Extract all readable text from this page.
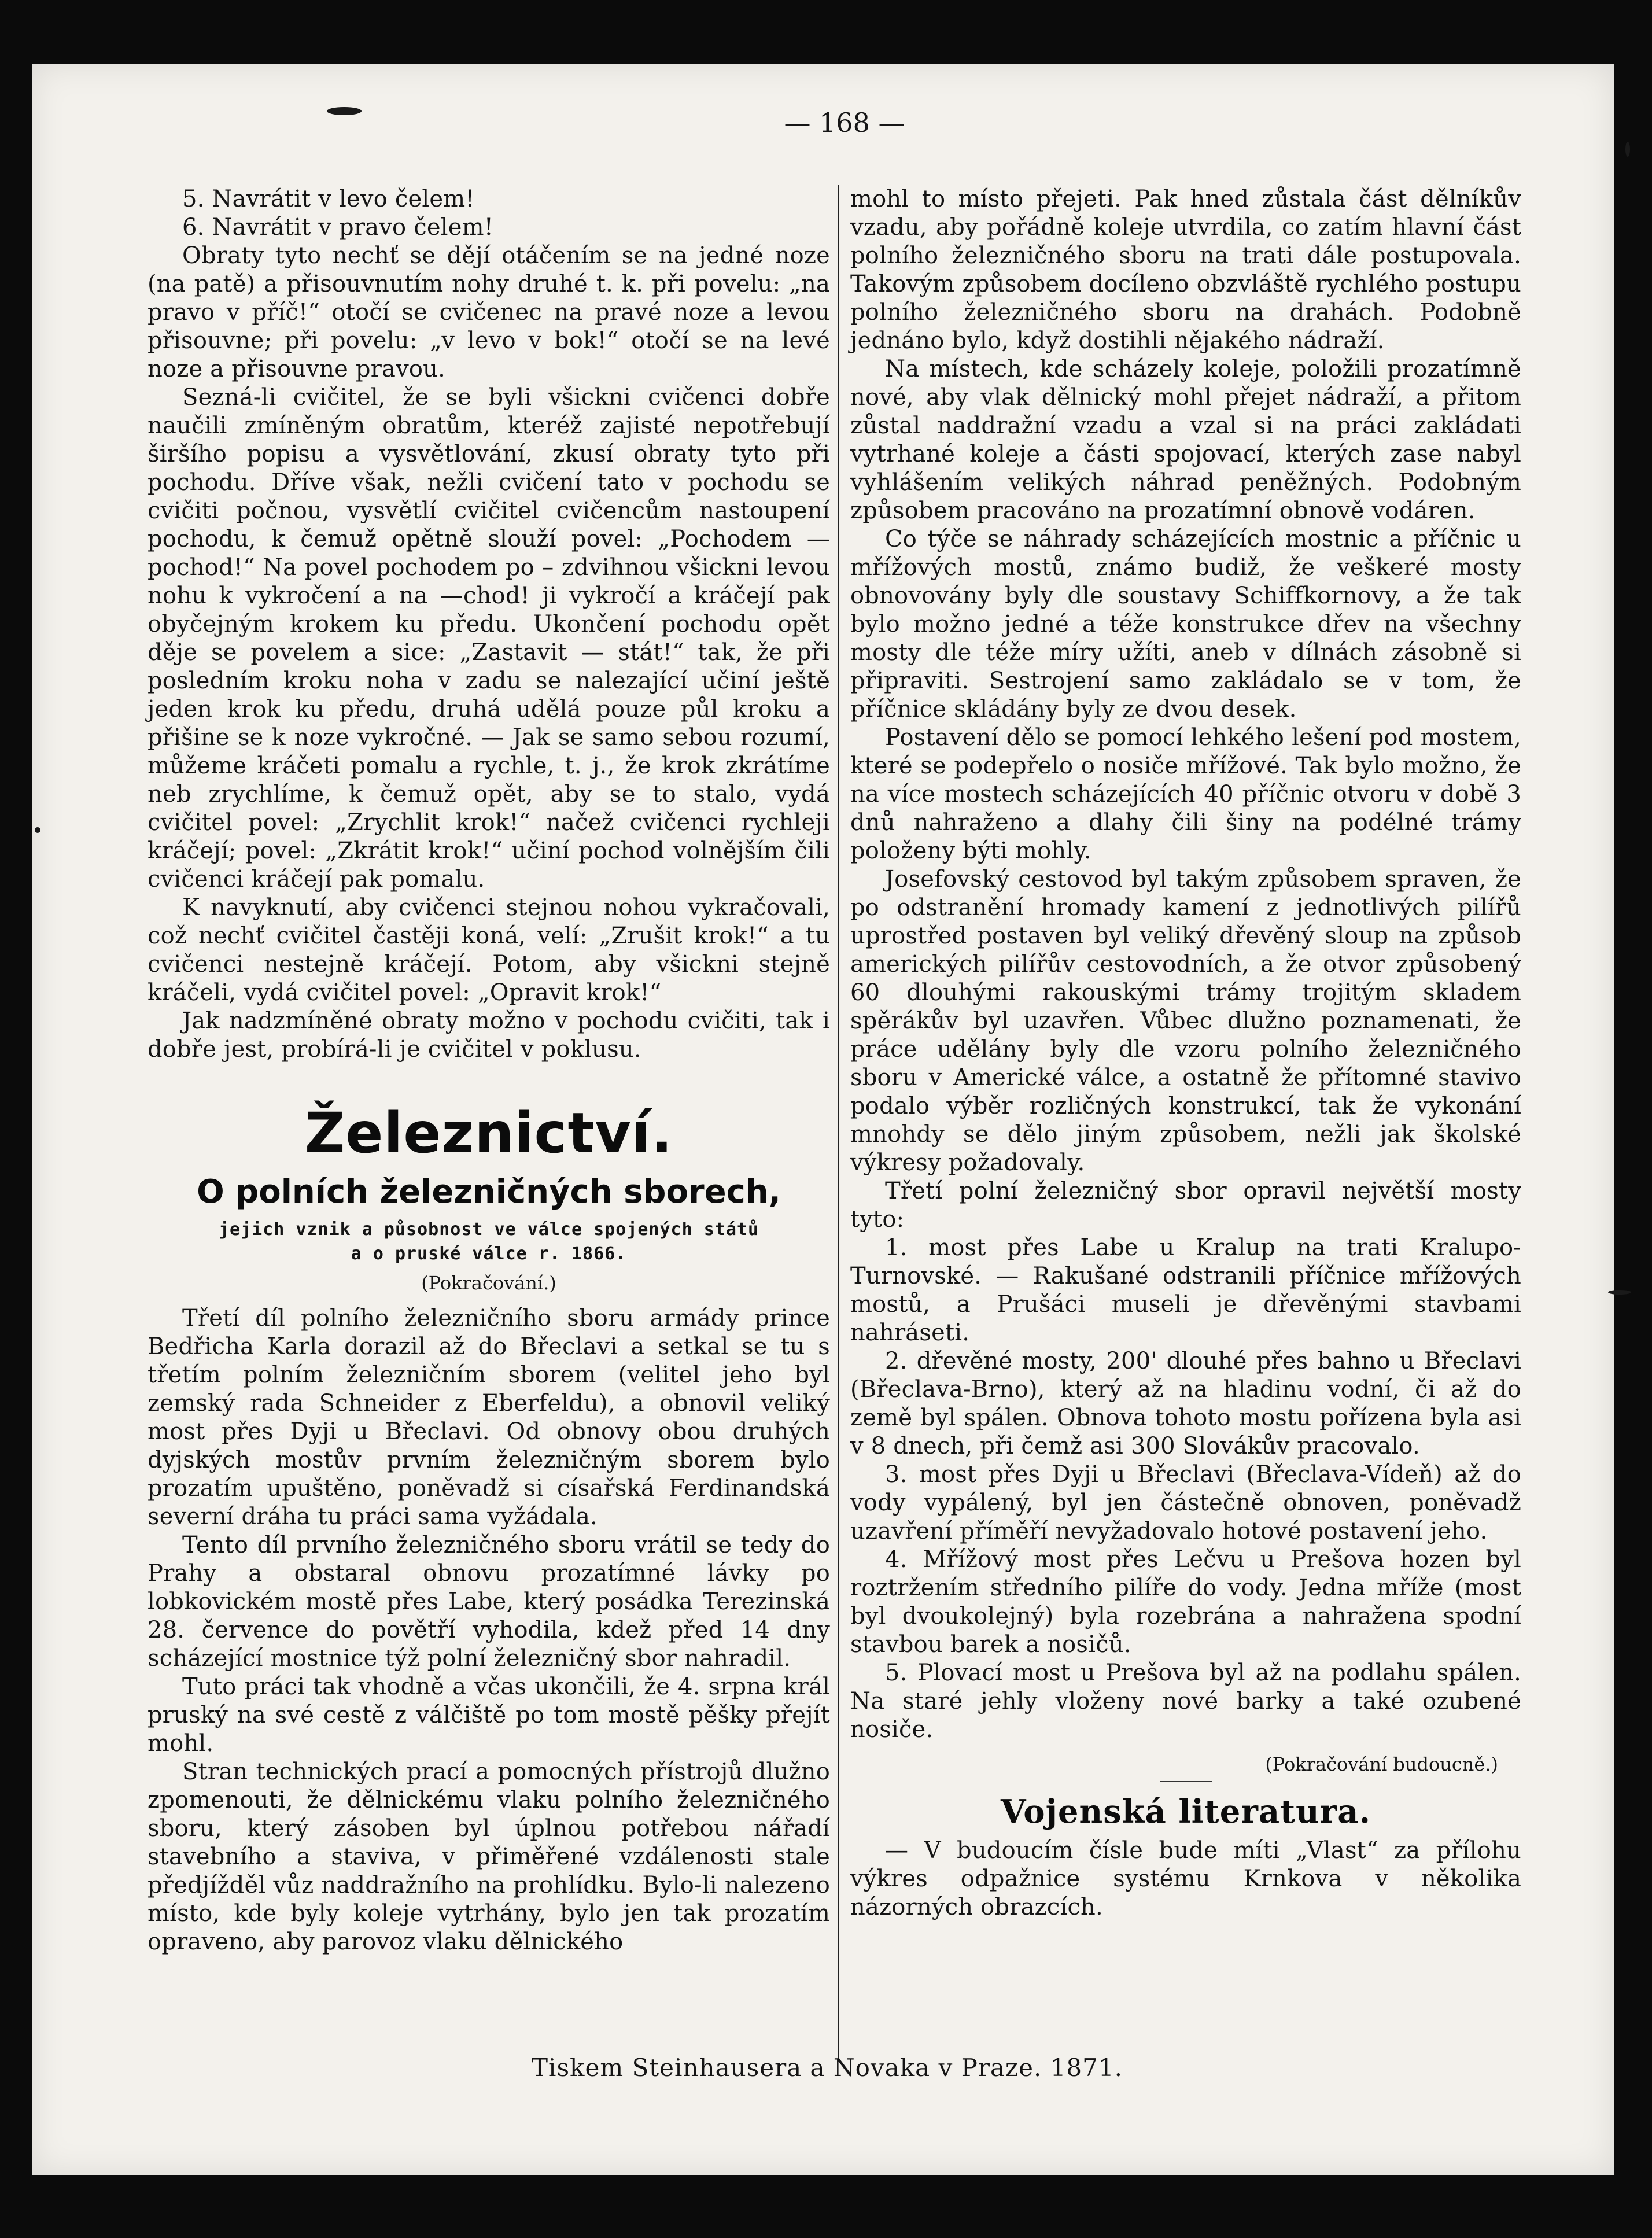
— 168 —

5. Navrátit v levo čelem!

6. Navrátit v pravo čelem!

Obraty tyto nechť se dějí otáčením se na jedné noze (na patě) a přisouvnutím nohy druhé t. k. při povelu: „na pravo v příč!“ otočí se cvičenec na pravé noze a levou přisouvne; při povelu: „v levo v bok!“ otočí se na levé noze a přisouvne pravou.

Sezná-li cvičitel, že se byli všickni cvičenci dobře naučili zmíněným obratům, kteréž zajisté nepotřebují širšího popisu a vysvětlování, zkusí obraty tyto při pochodu. Dříve však, nežli cvičení tato v pochodu se cvičiti počnou, vysvětlí cvičitel cvičencům nastoupení pochodu, k čemuž opětně slouží povel: „Pochodem — pochod!“ Na povel pochodem po – zdvihnou všickni levou nohu k vykročení a na —chod! ji vykročí a kráčejí pak obyčejným krokem ku předu. Ukončení pochodu opět děje se povelem a sice: „Zastavit — stát!“ tak, že při posledním kroku noha v zadu se nalezající učiní ještě jeden krok ku předu, druhá udělá pouze půl kroku a přišine se k noze vykročné. — Jak se samo sebou rozumí, můžeme kráčeti pomalu a rychle, t. j., že krok zkrátíme neb zrychlíme, k čemuž opět, aby se to stalo, vydá cvičitel povel: „Zrychlit krok!“ načež cvičenci rychleji kráčejí; povel: „Zkrátit krok!“ učiní pochod volnějším čili cvičenci kráčejí pak pomalu.

K navyknutí, aby cvičenci stejnou nohou vykračovali, což nechť cvičitel častěji koná, velí: „Zrušit krok!“ a tu cvičenci nestejně kráčejí. Potom, aby všickni stejně kráčeli, vydá cvičitel povel: „Opravit krok!“

Jak nadzmíněné obraty možno v pochodu cvičiti, tak i dobře jest, probírá-li je cvičitel v poklusu.

Železnictví.
O polních železničných sborech,
jejich vznik a působnost ve válce spojených států
a o pruské válce r. 1866.
(Pokračování.)

Třetí díl polního železničního sboru armády prince Bedřicha Karla dorazil až do Břeclavi a setkal se tu s třetím polním železničním sborem (velitel jeho byl zemský rada Schneider z Eberfeldu), a obnovil veliký most přes Dyji u Břeclavi. Od obnovy obou druhých dyjských mostův prvním železničným sborem bylo prozatím upuštěno, poněvadž si císařská Ferdinandská severní dráha tu práci sama vyžádala.

Tento díl prvního železničného sboru vrátil se tedy do Prahy a obstaral obnovu prozatímné lávky po lobkovickém mostě přes Labe, který posádka Terezinská 28. července do povětří vyhodila, kdež před 14 dny scházející mostnice týž polní železničný sbor nahradil.

Tuto práci tak vhodně a včas ukončili, že 4. srpna král pruský na své cestě z válčiště po tom mostě pěšky přejít mohl.

Stran technických prací a pomocných přístrojů dlužno zpomenouti, že dělnickému vlaku polního železničného sboru, který zásoben byl úplnou potřebou nářadí stavebního a staviva, v přiměřené vzdálenosti stale předjížděl vůz naddražního na prohlídku. Bylo-li nalezeno místo, kde byly koleje vytrhány, bylo jen tak prozatím opraveno, aby parovoz vlaku dělnického

mohl to místo přejeti. Pak hned zůstala část dělníkův vzadu, aby pořádně koleje utvrdila, co zatím hlavní část polního železničného sboru na trati dále postupovala. Takovým způsobem docíleno obzvláště rychlého postupu polního železničného sboru na drahách. Podobně jednáno bylo, když dostihli nějakého nádraží.

Na místech, kde scházely koleje, položili prozatímně nové, aby vlak dělnický mohl přejet nádraží, a přitom zůstal naddražní vzadu a vzal si na práci zakládati vytrhané koleje a části spojovací, kterých zase nabyl vyhlášením velikých náhrad peněžných. Podobným způsobem pracováno na prozatímní obnově vodáren.

Co týče se náhrady scházejících mostnic a příčnic u mřížových mostů, známo budiž, že veškeré mosty obnovovány byly dle soustavy Schiffkornovy, a že tak bylo možno jedné a téže konstrukce dřev na všechny mosty dle téže míry užíti, aneb v dílnách zásobně si připraviti. Sestrojení samo zakládalo se v tom, že příčnice skládány byly ze dvou desek.

Postavení dělo se pomocí lehkého lešení pod mostem, které se podepřelo o nosiče mřížové. Tak bylo možno, že na více mostech scházejících 40 příčnic otvoru v době 3 dnů nahraženo a dlahy čili šiny na podélné trámy položeny býti mohly.

Josefovský cestovod byl takým způsobem spraven, že po odstranění hromady kamení z jednotlivých pilířů uprostřed postaven byl veliký dřevěný sloup na způsob amerických pilířův cestovodních, a že otvor způsobený 60 dlouhými rakouskými trámy trojitým skladem spěrákův byl uzavřen. Vůbec dlužno poznamenati, že práce udělány byly dle vzoru polního železničného sboru v Americké válce, a ostatně že přítomné stavivo podalo výběr rozličných konstrukcí, tak že vykonání mnohdy se dělo jiným způsobem, nežli jak školské výkresy požadovaly.

Třetí polní železničný sbor opravil největší mosty tyto:

1. most přes Labe u Kralup na trati Kralupo-Turnovské. — Rakušané odstranili příčnice mřížových mostů, a Prušáci museli je dřevěnými stavbami nahráseti.

2. dřevěné mosty, 200' dlouhé přes bahno u Břeclavi (Břeclava-Brno), který až na hladinu vodní, či až do země byl spálen. Obnova tohoto mostu pořízena byla asi v 8 dnech, při čemž asi 300 Slovákův pracovalo.

3. most přes Dyji u Břeclavi (Břeclava-Vídeň) až do vody vypálený, byl jen částečně obnoven, poněvadž uzavření příměří nevyžadovalo hotové postavení jeho.

4. Mřížový most přes Lečvu u Prešova hozen byl roztržením středního pilíře do vody. Jedna mříže (most byl dvoukolejný) byla rozebrána a nahražena spodní stavbou barek a nosičů.

5. Plovací most u Prešova byl až na podlahu spálen. Na staré jehly vloženy nové barky a také ozubené nosiče.

(Pokračování budoucně.)
Vojenská literatura.

— V budoucím čísle bude míti „Vlast“ za přílohu výkres odpažnice systému Krnkova v několika názorných obrazcích.

Tiskem Steinhausera a Novaka v Praze. 1871.
